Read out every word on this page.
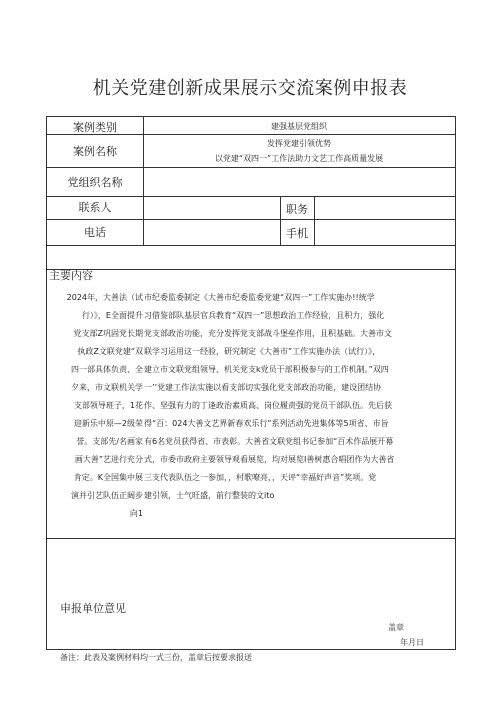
机关党建创新成果展示交流案例申报表
案例类别	建强基层党组织
案例名称
发挥党建引领优势
以党建“双四一”工作法助力文艺工作高质量发展
党组织名称
联系人	职务
电话	手机
主要内容
2024年，大善法（试
行）》，E全面提升
党支部Z巩固党长期
执政Z文联党建“双
四一部具体负责、全
夕来，市文联机关学
支部领导班子，1花
迎新乐中原—2级荣
誉。支部先/名画家
画大善”艺进行充分
肯定。K全国集中展
演并引艺队伍正阔步
向1
市纪委监委制定《大善市纪委监委党建“双四一”工作实施办!!统学
习借鉴部队基层官兵教育“双四一”思想政治工作经验，且积力，强化
党支部政治功能，充分发挥党支部战斗堡垒作用，且积基础。大善市文
联学习运用这一经验，研究制定《大善市”工作实施办法（试行）》，
建立市文联党组领导、机关党支k党员干部积极参与的工作机制。”双四
一’’党建工作法实施以看支部切实强化党支部政治功能，建设团结协
作、坚强有力的丁逢政治素质高、岗位履责强的党员干部队伍。先后获
得“百：024大善文艺界新春欢乐行”系列活动先进集体等5项省、市旨
有6名党员获得省、市表彰。大善省文联党组书记参加“百术作品展开幕
式，市委市政府主要领导观看展览，均对展览I善树惠合唱团作为大善省
三支代表队伍之一参加，，村歌嘹亮，，天评“幸福好声音”奖项。党
建引领，士气旺盛，前行整装的文ito
申报单位意见
盖章
年月日
备注：此表及案例材料均一式三份，盖章后按要求报送
